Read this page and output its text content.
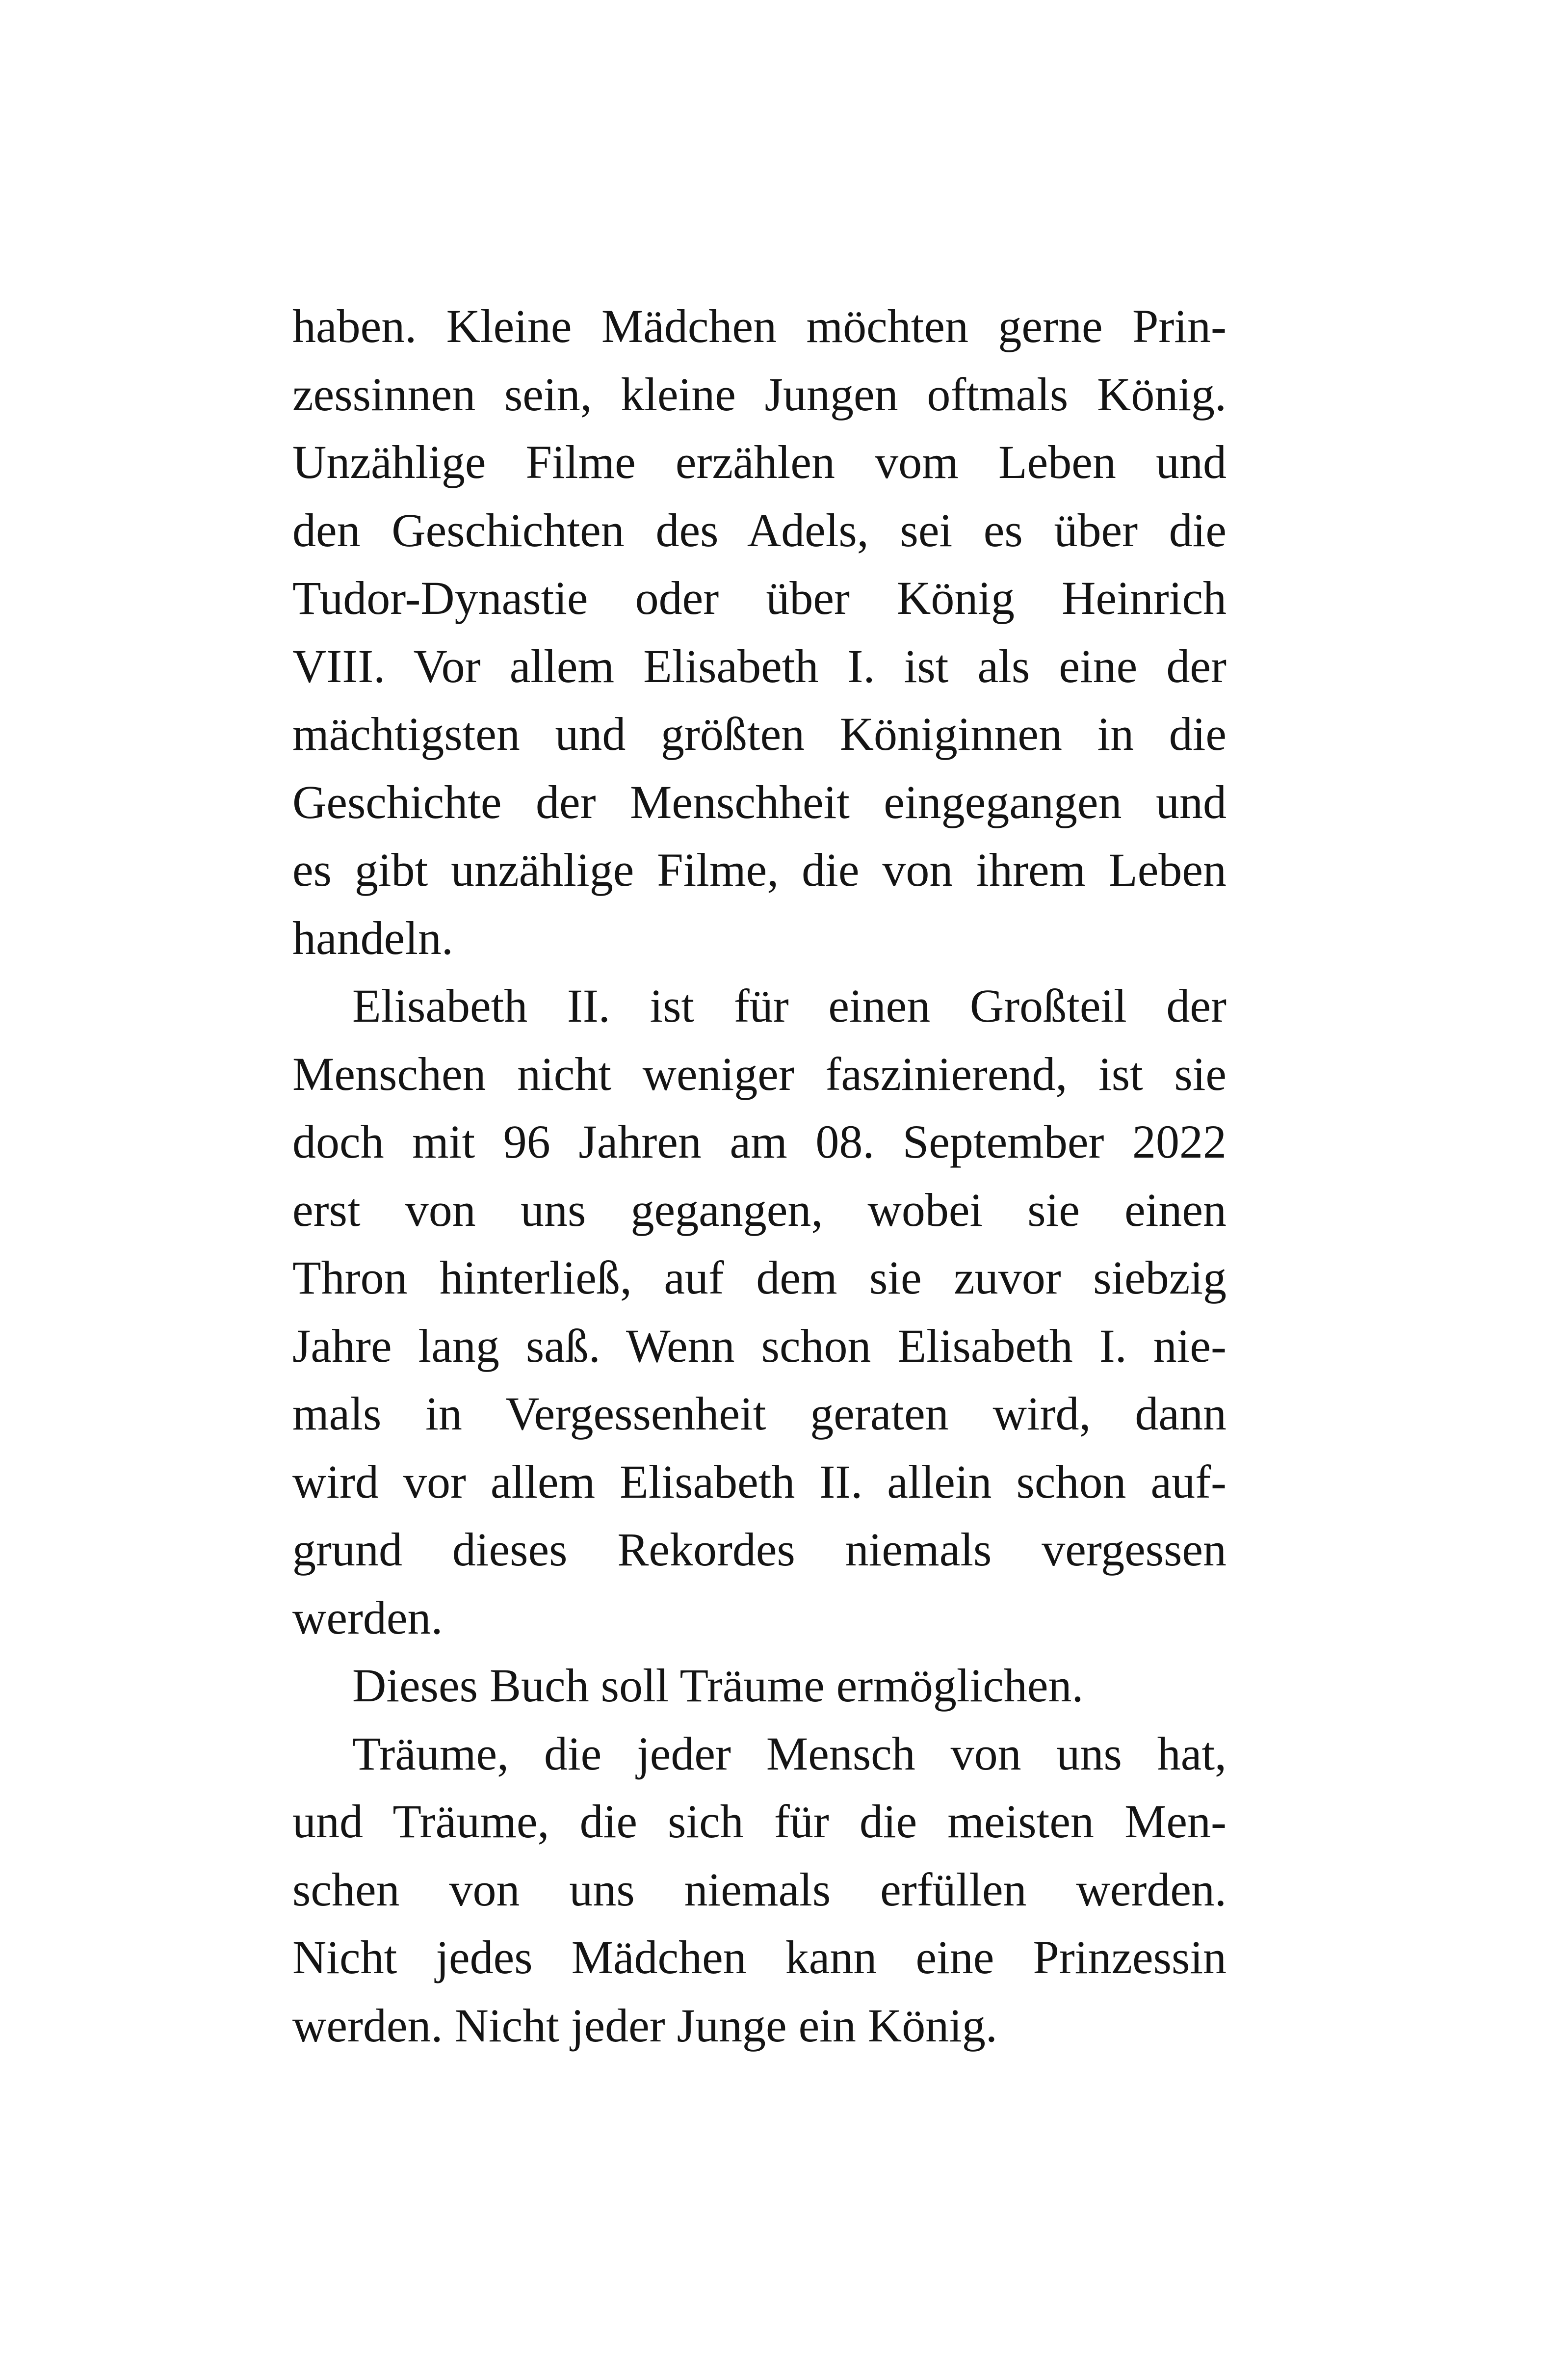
haben. Kleine Mädchen möchten gerne Prin-
zessinnen sein, kleine Jungen oftmals König.
Unzählige Filme erzählen vom Leben und
den Geschichten des Adels, sei es über die
Tudor-Dynastie oder über König Heinrich
VIII. Vor allem Elisabeth I. ist als eine der
mächtigsten und größten Königinnen in die
Geschichte der Menschheit eingegangen und
es gibt unzählige Filme, die von ihrem Leben
handeln.
Elisabeth II. ist für einen Großteil der
Menschen nicht weniger faszinierend, ist sie
doch mit 96 Jahren am 08. September 2022
erst von uns gegangen, wobei sie einen
Thron hinterließ, auf dem sie zuvor siebzig
Jahre lang saß. Wenn schon Elisabeth I. nie-
mals in Vergessenheit geraten wird, dann
wird vor allem Elisabeth II. allein schon auf-
grund dieses Rekordes niemals vergessen
werden.
Dieses Buch soll Träume ermöglichen.
Träume, die jeder Mensch von uns hat,
und Träume, die sich für die meisten Men-
schen von uns niemals erfüllen werden.
Nicht jedes Mädchen kann eine Prinzessin
werden. Nicht jeder Junge ein König.
